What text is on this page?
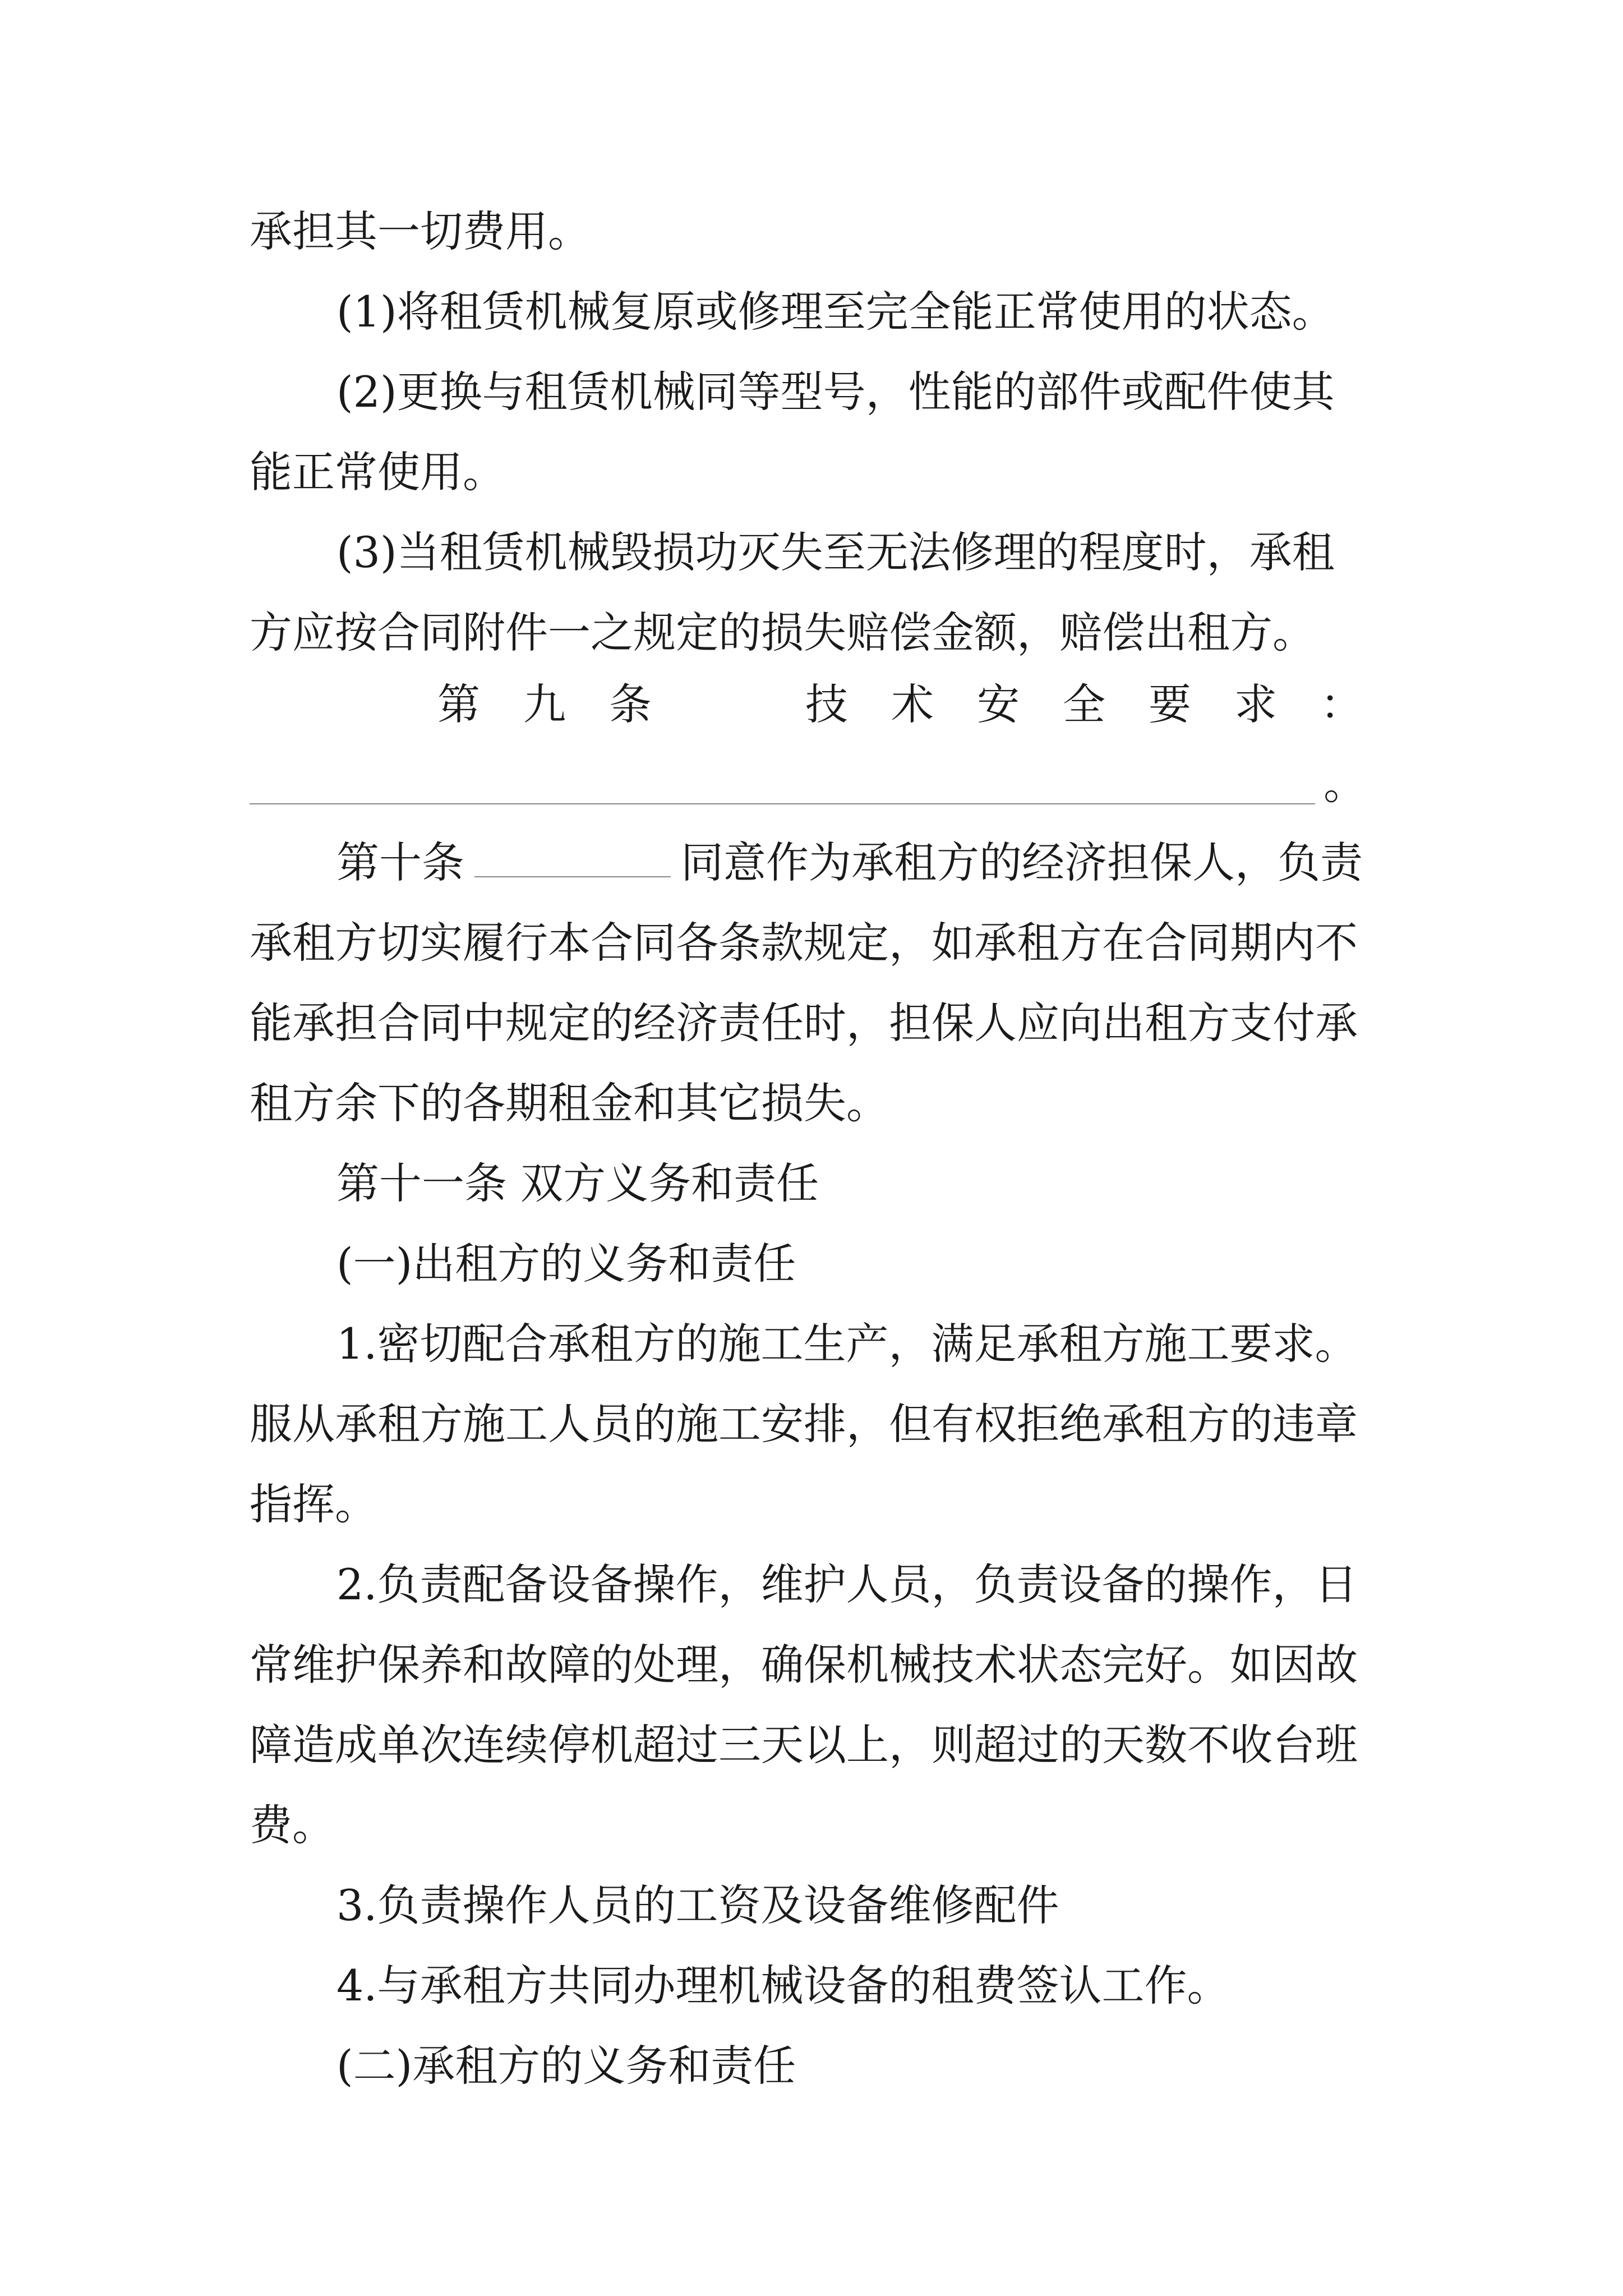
承担其一切费用。

(1)将租赁机械复原或修理至完全能正常使用的状态。

(2)更换与租赁机械同等型号，性能的部件或配件使其

能正常使用。

(3)当租赁机械毁损功灭失至无法修理的程度时，承租

方应按合同附件一之规定的损失赔偿金额，赔偿出租方。

第 九 条	技 术 安 全 要 求 ：

。

第十条	同意作为承租方的经济担保人，负责

承租方切实履行本合同各条款规定，如承租方在合同期内不

能承担合同中规定的经济责任时，担保人应向出租方支付承

租方余下的各期租金和其它损失。

第十一条 双方义务和责任

(一)出租方的义务和责任

1.密切配合承租方的施工生产，满足承租方施工要求。

服从承租方施工人员的施工安排，但有权拒绝承租方的违章

指挥。

2.负责配备设备操作，维护人员，负责设备的操作，日

常维护保养和故障的处理，确保机械技术状态完好。如因故

障造成单次连续停机超过三天以上，则超过的天数不收台班

费。

3.负责操作人员的工资及设备维修配件

4.与承租方共同办理机械设备的租费签认工作。

(二)承租方的义务和责任
